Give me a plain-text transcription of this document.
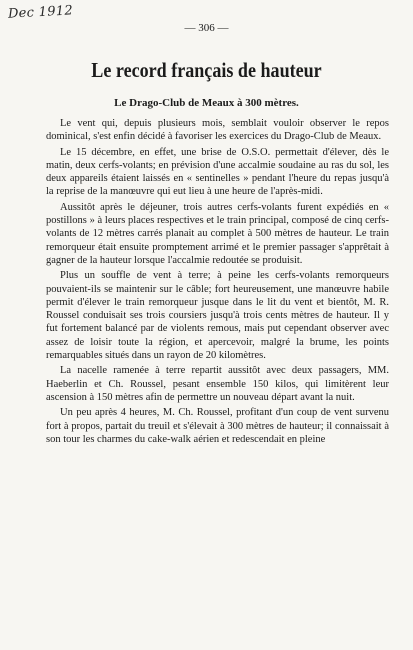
Dec 1912
— 306 —
Le record français de hauteur
Le Drago-Club de Meaux à 300 mètres.

Le vent qui, depuis plusieurs mois, semblait vouloir observer le repos dominical, s'est enfin décidé à favoriser les exercices du Drago-Club de Meaux.

Le 15 décembre, en effet, une brise de O.S.O. permettait d'élever, dès le matin, deux cerfs-volants; en prévision d'une accalmie soudaine au ras du sol, les deux appareils étaient laissés en « sentinelles » pendant l'heure du repas jusqu'à la reprise de la manœuvre qui eut lieu à une heure de l'après-midi.

Aussitôt après le déjeuner, trois autres cerfs-volants furent expédiés en « postillons » à leurs places respectives et le train principal, composé de cinq cerfs-volants de 12 mètres carrés planait au complet à 500 mètres de hauteur. Le train remorqueur était ensuite promptement arrimé et le premier passager s'apprêtait à gagner de la hauteur lorsque l'accalmie redoutée se produisit.

Plus un souffle de vent à terre; à peine les cerfs-volants remorqueurs pouvaient-ils se maintenir sur le câble; fort heureusement, une manœuvre habile permit d'élever le train remorqueur jusque dans le lit du vent et bientôt, M. R. Roussel conduisait ses trois coursiers jusqu'à trois cents mètres de hauteur. Il y fut fortement balancé par de violents remous, mais put cependant observer avec assez de loisir toute la région, et apercevoir, malgré la brume, les points remarquables situés dans un rayon de 20 kilomètres.

La nacelle ramenée à terre repartit aussitôt avec deux passagers, MM. Haeberlin et Ch. Roussel, pesant ensemble 150 kilos, qui limitèrent leur ascension à 150 mètres afin de permettre un nouveau départ avant la nuit.

Un peu après 4 heures, M. Ch. Roussel, profitant d'un coup de vent survenu fort à propos, partait du treuil et s'élevait à 300 mètres de hauteur; il connaissait à son tour les charmes du cake-walk aérien et redescendait en pleine
